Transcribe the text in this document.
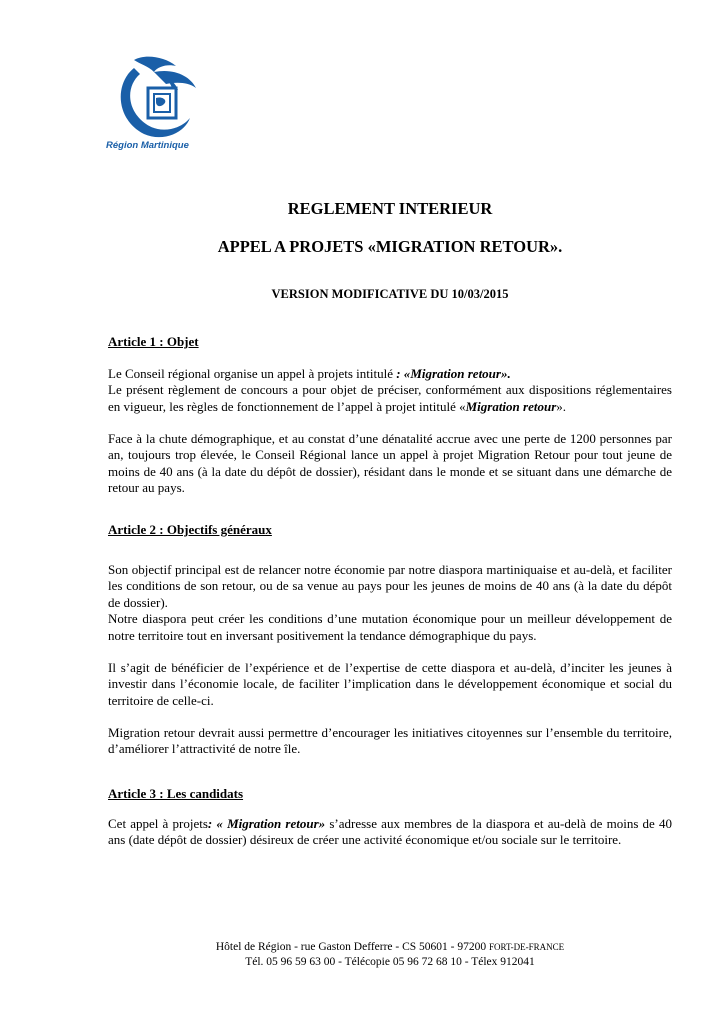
Région Martinique
REGLEMENT INTERIEUR
APPEL A PROJETS «MIGRATION RETOUR».
VERSION MODIFICATIVE DU 10/03/2015

Article 1 : Objet

Le Conseil régional organise un appel à projets intitulé : «Migration retour».

Le présent règlement de concours a pour objet de préciser, conformément aux dispositions réglementaires en vigueur, les règles de fonctionnement de l’appel à projet intitulé «Migration retour».

Face à la chute démographique, et au constat d’une dénatalité accrue avec une perte de 1200 personnes par an, toujours trop élevée, le Conseil Régional lance un appel à projet Migration Retour pour tout jeune de moins de 40 ans (à la date du dépôt de dossier), résidant dans le monde et se situant dans une démarche de retour au pays.

Article 2 : Objectifs généraux

Son objectif principal est de relancer notre économie par notre diaspora martiniquaise et au-delà, et faciliter les conditions de son retour, ou de sa venue au pays pour les jeunes de moins de 40 ans (à la date du dépôt de dossier).

Notre diaspora peut créer les conditions d’une mutation économique pour un meilleur développement de notre territoire tout en inversant positivement la tendance démographique du pays.

Il s’agit de bénéficier de l’expérience et de l’expertise de cette diaspora et au-delà, d’inciter les jeunes à investir dans l’économie locale, de faciliter l’implication dans le développement économique et social du territoire de celle-ci.

Migration retour devrait aussi permettre d’encourager les initiatives citoyennes sur l’ensemble du territoire, d’améliorer l’attractivité de notre île.

Article 3 : Les candidats

Cet appel à projets: « Migration retour» s’adresse aux membres de la diaspora et au-delà de moins de 40 ans (date dépôt de dossier) désireux de créer une activité économique et/ou sociale sur le territoire.

Hôtel de Région - rue Gaston Defferre - CS 50601 - 97200 FORT-DE-FRANCE
Tél. 05 96 59 63 00 - Télécopie 05 96 72 68 10 - Télex 912041
